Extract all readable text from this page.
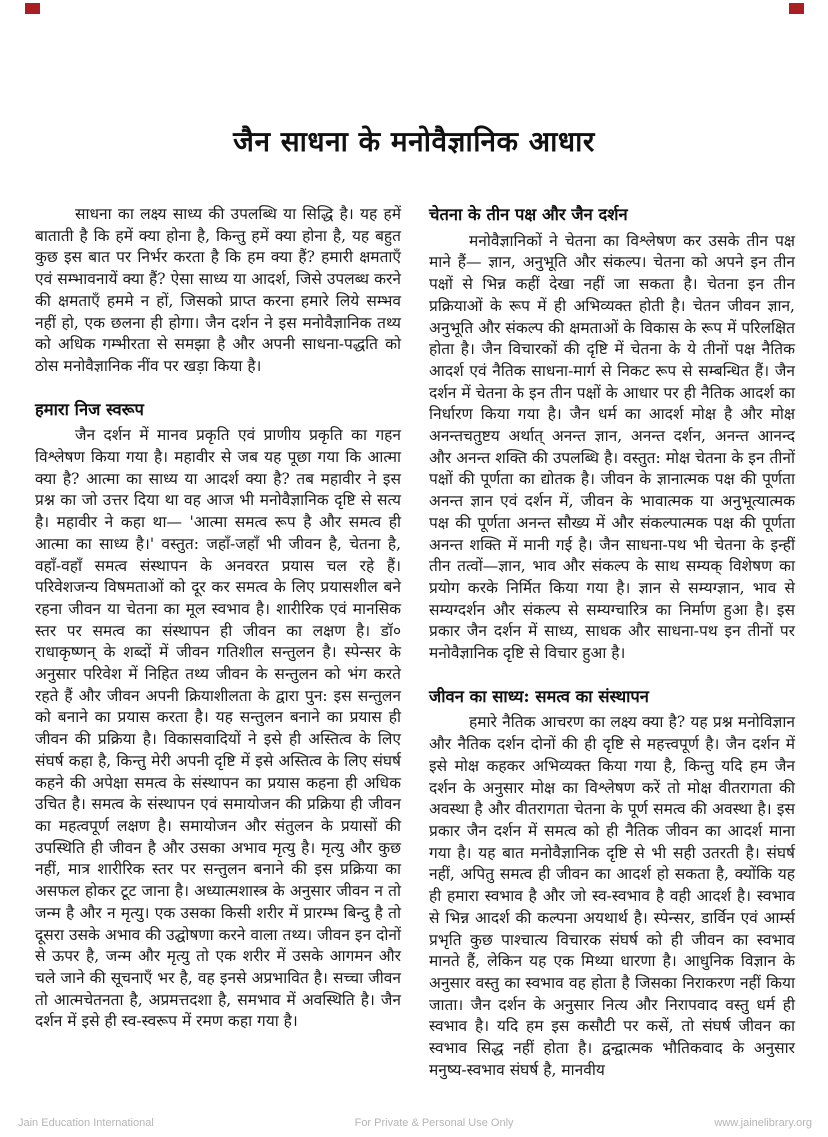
जैन साधना के मनोवैज्ञानिक आधार

साधना का लक्ष्य साध्य की उपलब्धि या सिद्धि है। यह हमें बाताती है कि हमें क्या होना है, किन्तु हमें क्या होना है, यह बहुत कुछ इस बात पर निर्भर करता है कि हम क्या हैं? हमारी क्षमताएँ एवं सम्भावनायें क्या हैं? ऐसा साध्य या आदर्श, जिसे उपलब्ध करने की क्षमताएँ हममे न हों, जिसको प्राप्त करना हमारे लिये सम्भव नहीं हो, एक छलना ही होगा। जैन दर्शन ने इस मनोवैज्ञानिक तथ्य को अधिक गम्भीरता से समझा है और अपनी साधना-पद्धति को ठोस मनोवैज्ञानिक नींव पर खड़ा किया है।

हमारा निज स्वरूप

जैन दर्शन में मानव प्रकृति एवं प्राणीय प्रकृति का गहन विश्लेषण किया गया है। महावीर से जब यह पूछा गया कि आत्मा क्या है? आत्मा का साध्य या आदर्श क्या है? तब महावीर ने इस प्रश्न का जो उत्तर दिया था वह आज भी मनोवैज्ञानिक दृष्टि से सत्य है। महावीर ने कहा था— 'आत्मा समत्व रूप है और समत्व ही आत्मा का साध्य है।' वस्तुत: जहाँ-जहाँ भी जीवन है, चेतना है, वहाँ-वहाँ समत्व संस्थापन के अनवरत प्रयास चल रहे हैं। परिवेशजन्य विषमताओं को दूर कर समत्व के लिए प्रयासशील बने रहना जीवन या चेतना का मूल स्वभाव है। शारीरिक एवं मानसिक स्तर पर समत्व का संस्थापन ही जीवन का लक्षण है। डॉ० राधाकृष्णन् के शब्दों में जीवन गतिशील सन्तुलन है। स्पेन्सर के अनुसार परिवेश में निहित तथ्य जीवन के सन्तुलन को भंग करते रहते हैं और जीवन अपनी क्रियाशीलता के द्वारा पुन: इस सन्तुलन को बनाने का प्रयास करता है। यह सन्तुलन बनाने का प्रयास ही जीवन की प्रक्रिया है। विकासवादियों ने इसे ही अस्तित्व के लिए संघर्ष कहा है, किन्तु मेरी अपनी दृष्टि में इसे अस्तित्व के लिए संघर्ष कहने की अपेक्षा समत्व के संस्थापन का प्रयास कहना ही अधिक उचित है। समत्व के संस्थापन एवं समायोजन की प्रक्रिया ही जीवन का महत्वपूर्ण लक्षण है। समायोजन और संतुलन के प्रयासों की उपस्थिति ही जीवन है और उसका अभाव मृत्यु है। मृत्यु और कुछ नहीं, मात्र शारीरिक स्तर पर सन्तुलन बनाने की इस प्रक्रिया का असफल होकर टूट जाना है। अध्यात्मशास्त्र के अनुसार जीवन न तो जन्म है और न मृत्यु। एक उसका किसी शरीर में प्रारम्भ बिन्दु है तो दूसरा उसके अभाव की उद्घोषणा करने वाला तथ्य। जीवन इन दोनों से ऊपर है, जन्म और मृत्यु तो एक शरीर में उसके आगमन और चले जाने की सूचनाएँ भर है, वह इनसे अप्रभावित है। सच्चा जीवन तो आत्मचेतनता है, अप्रमत्तदशा है, समभाव में अवस्थिति है। जैन दर्शन में इसे ही स्व-स्वरूप में रमण कहा गया है।

चेतना के तीन पक्ष और जैन दर्शन

मनोवैज्ञानिकों ने चेतना का विश्लेषण कर उसके तीन पक्ष माने हैं— ज्ञान, अनुभूति और संकल्प। चेतना को अपने इन तीन पक्षों से भिन्न कहीं देखा नहीं जा सकता है। चेतना इन तीन प्रक्रियाओं के रूप में ही अभिव्यक्त होती है। चेतन जीवन ज्ञान, अनुभूति और संकल्प की क्षमताओं के विकास के रूप में परिलक्षित होता है। जैन विचारकों की दृष्टि में चेतना के ये तीनों पक्ष नैतिक आदर्श एवं नैतिक साधना-मार्ग से निकट रूप से सम्बन्धित हैं। जैन दर्शन में चेतना के इन तीन पक्षों के आधार पर ही नैतिक आदर्श का निर्धारण किया गया है। जैन धर्म का आदर्श मोक्ष है और मोक्ष अनन्तचतुष्टय अर्थात् अनन्त ज्ञान, अनन्त दर्शन, अनन्त आनन्द और अनन्त शक्ति की उपलब्धि है। वस्तुत: मोक्ष चेतना के इन तीनों पक्षों की पूर्णता का द्योतक है। जीवन के ज्ञानात्मक पक्ष की पूर्णता अनन्त ज्ञान एवं दर्शन में, जीवन के भावात्मक या अनुभूत्यात्मक पक्ष की पूर्णता अनन्त सौख्य में और संकल्पात्मक पक्ष की पूर्णता अनन्त शक्ति में मानी गई है। जैन साधना-पथ भी चेतना के इन्हीं तीन तत्वों—ज्ञान, भाव और संकल्प के साथ सम्यक् विशेषण का प्रयोग करके निर्मित किया गया है। ज्ञान से सम्यग्ज्ञान, भाव से सम्यग्दर्शन और संकल्प से सम्यग्चारित्र का निर्माण हुआ है। इस प्रकार जैन दर्शन में साध्य, साधक और साधना-पथ इन तीनों पर मनोवैज्ञानिक दृष्टि से विचार हुआ है।

जीवन का साध्य: समत्व का संस्थापन

हमारे नैतिक आचरण का लक्ष्य क्या है? यह प्रश्न मनोविज्ञान और नैतिक दर्शन दोनों की ही दृष्टि से महत्त्वपूर्ण है। जैन दर्शन में इसे मोक्ष कहकर अभिव्यक्त किया गया है, किन्तु यदि हम जैन दर्शन के अनुसार मोक्ष का विश्लेषण करें तो मोक्ष वीतरागता की अवस्था है और वीतरागता चेतना के पूर्ण समत्व की अवस्था है। इस प्रकार जैन दर्शन में समत्व को ही नैतिक जीवन का आदर्श माना गया है। यह बात मनोवैज्ञानिक दृष्टि से भी सही उतरती है। संघर्ष नहीं, अपितु समत्व ही जीवन का आदर्श हो सकता है, क्योंकि यह ही हमारा स्वभाव है और जो स्व-स्वभाव है वही आदर्श है। स्वभाव से भिन्न आदर्श की कल्पना अयथार्थ है। स्पेन्सर, डार्विन एवं आर्म्स प्रभृति कुछ पाश्चात्य विचारक संघर्ष को ही जीवन का स्वभाव मानते हैं, लेकिन यह एक मिथ्या धारणा है। आधुनिक विज्ञान के अनुसार वस्तु का स्वभाव वह होता है जिसका निराकरण नहीं किया जाता। जैन दर्शन के अनुसार नित्य और निरापवाद वस्तु धर्म ही स्वभाव है। यदि हम इस कसौटी पर कसें, तो संघर्ष जीवन का स्वभाव सिद्ध नहीं होता है। द्वन्द्वात्मक भौतिकवाद के अनुसार मनुष्य-स्वभाव संघर्ष है, मानवीय

Jain Education International	For Private & Personal Use Only	www.jainelibrary.org
